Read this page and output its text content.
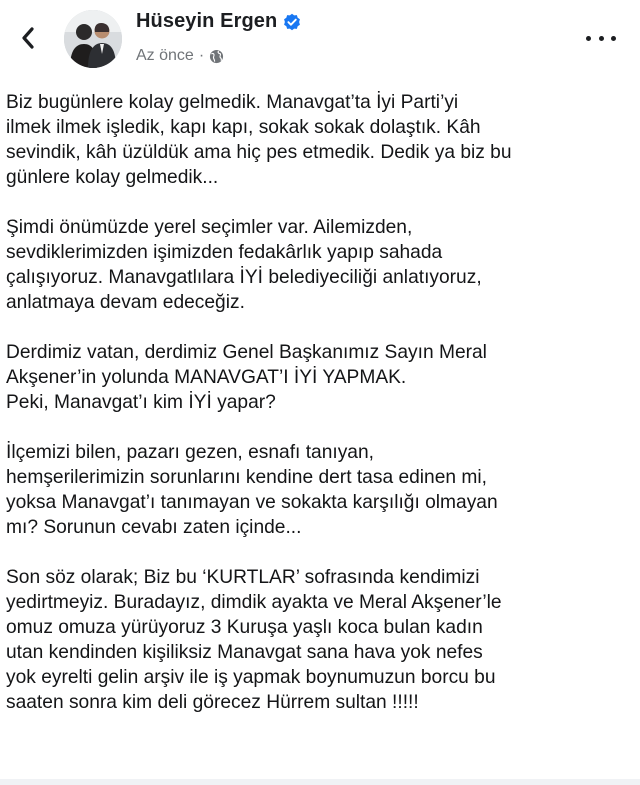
Hüseyin Ergen
Az önce ·
Biz bugünlere kolay gelmedik. Manavgat’ta İyi Parti’yi
ilmek ilmek işledik, kapı kapı, sokak sokak dolaştık. Kâh
sevindik, kâh üzüldük ama hiç pes etmedik. Dedik ya biz bu
günlere kolay gelmedik...
Şimdi önümüzde yerel seçimler var. Ailemizden,
sevdiklerimizden işimizden fedakârlık yapıp sahada
çalışıyoruz. Manavgatlılara İYİ belediyeciliği anlatıyoruz,
anlatmaya devam edeceğiz.
Derdimiz vatan, derdimiz Genel Başkanımız Sayın Meral
Akşener’in yolunda MANAVGAT’I İYİ YAPMAK.
Peki, Manavgat’ı kim İYİ yapar?
İlçemizi bilen, pazarı gezen, esnafı tanıyan,
hemşerilerimizin sorunlarını kendine dert tasa edinen mi,
yoksa Manavgat’ı tanımayan ve sokakta karşılığı olmayan
mı? Sorunun cevabı zaten içinde...
Son söz olarak; Biz bu ‘KURTLAR’ sofrasında kendimizi
yedirtmeyiz. Buradayız, dimdik ayakta ve Meral Akşener’le
omuz omuza yürüyoruz 3 Kuruşa yaşlı koca bulan kadın
utan kendinden kişiliksiz Manavgat sana hava yok nefes
yok eyrelti gelin arşiv ile iş yapmak boynumuzun borcu bu
saaten sonra kim deli görecez Hürrem sultan !!!!!
